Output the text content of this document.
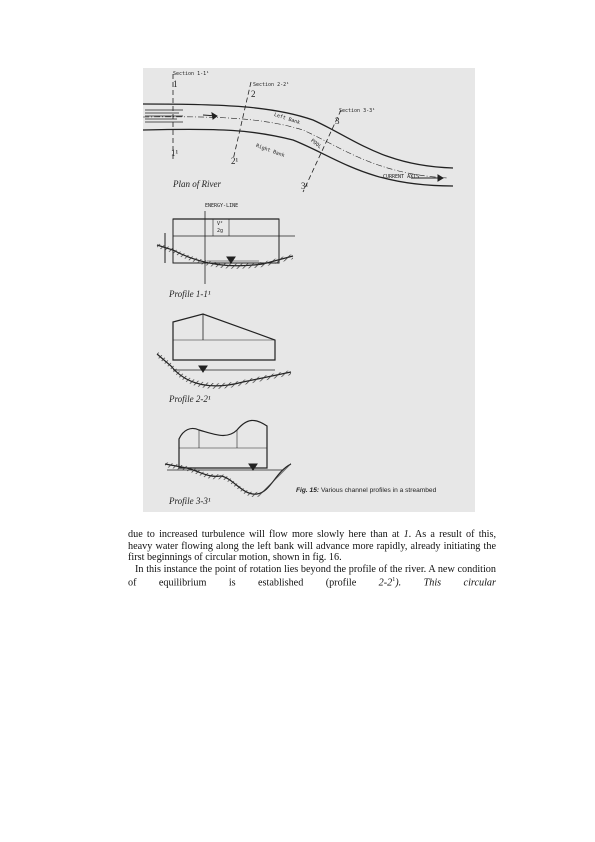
Section 1-1¹
1	Section 2-2¹
2
Section 3-3¹
3
1¹
2¹
3¹
Left Bank
Right Bank	POOL
CURRENT AXIS
Plan of River
ENERGY-LINE
V²
2g
Profile 1-1¹
Profile 2-2¹
Profile 3-3¹
Fig. 15: Various channel profiles in a streambed

due to increased turbulence will flow more slowly here than at 1. As a result of this, heavy water flowing along the left bank will advance more rapidly, already initiating the first beginnings of circular motion, shown in fig. 16.

In this instance the point of rotation lies beyond the profile of the river. A new condition of equilibrium is established (profile $2-2^1$). This circular
